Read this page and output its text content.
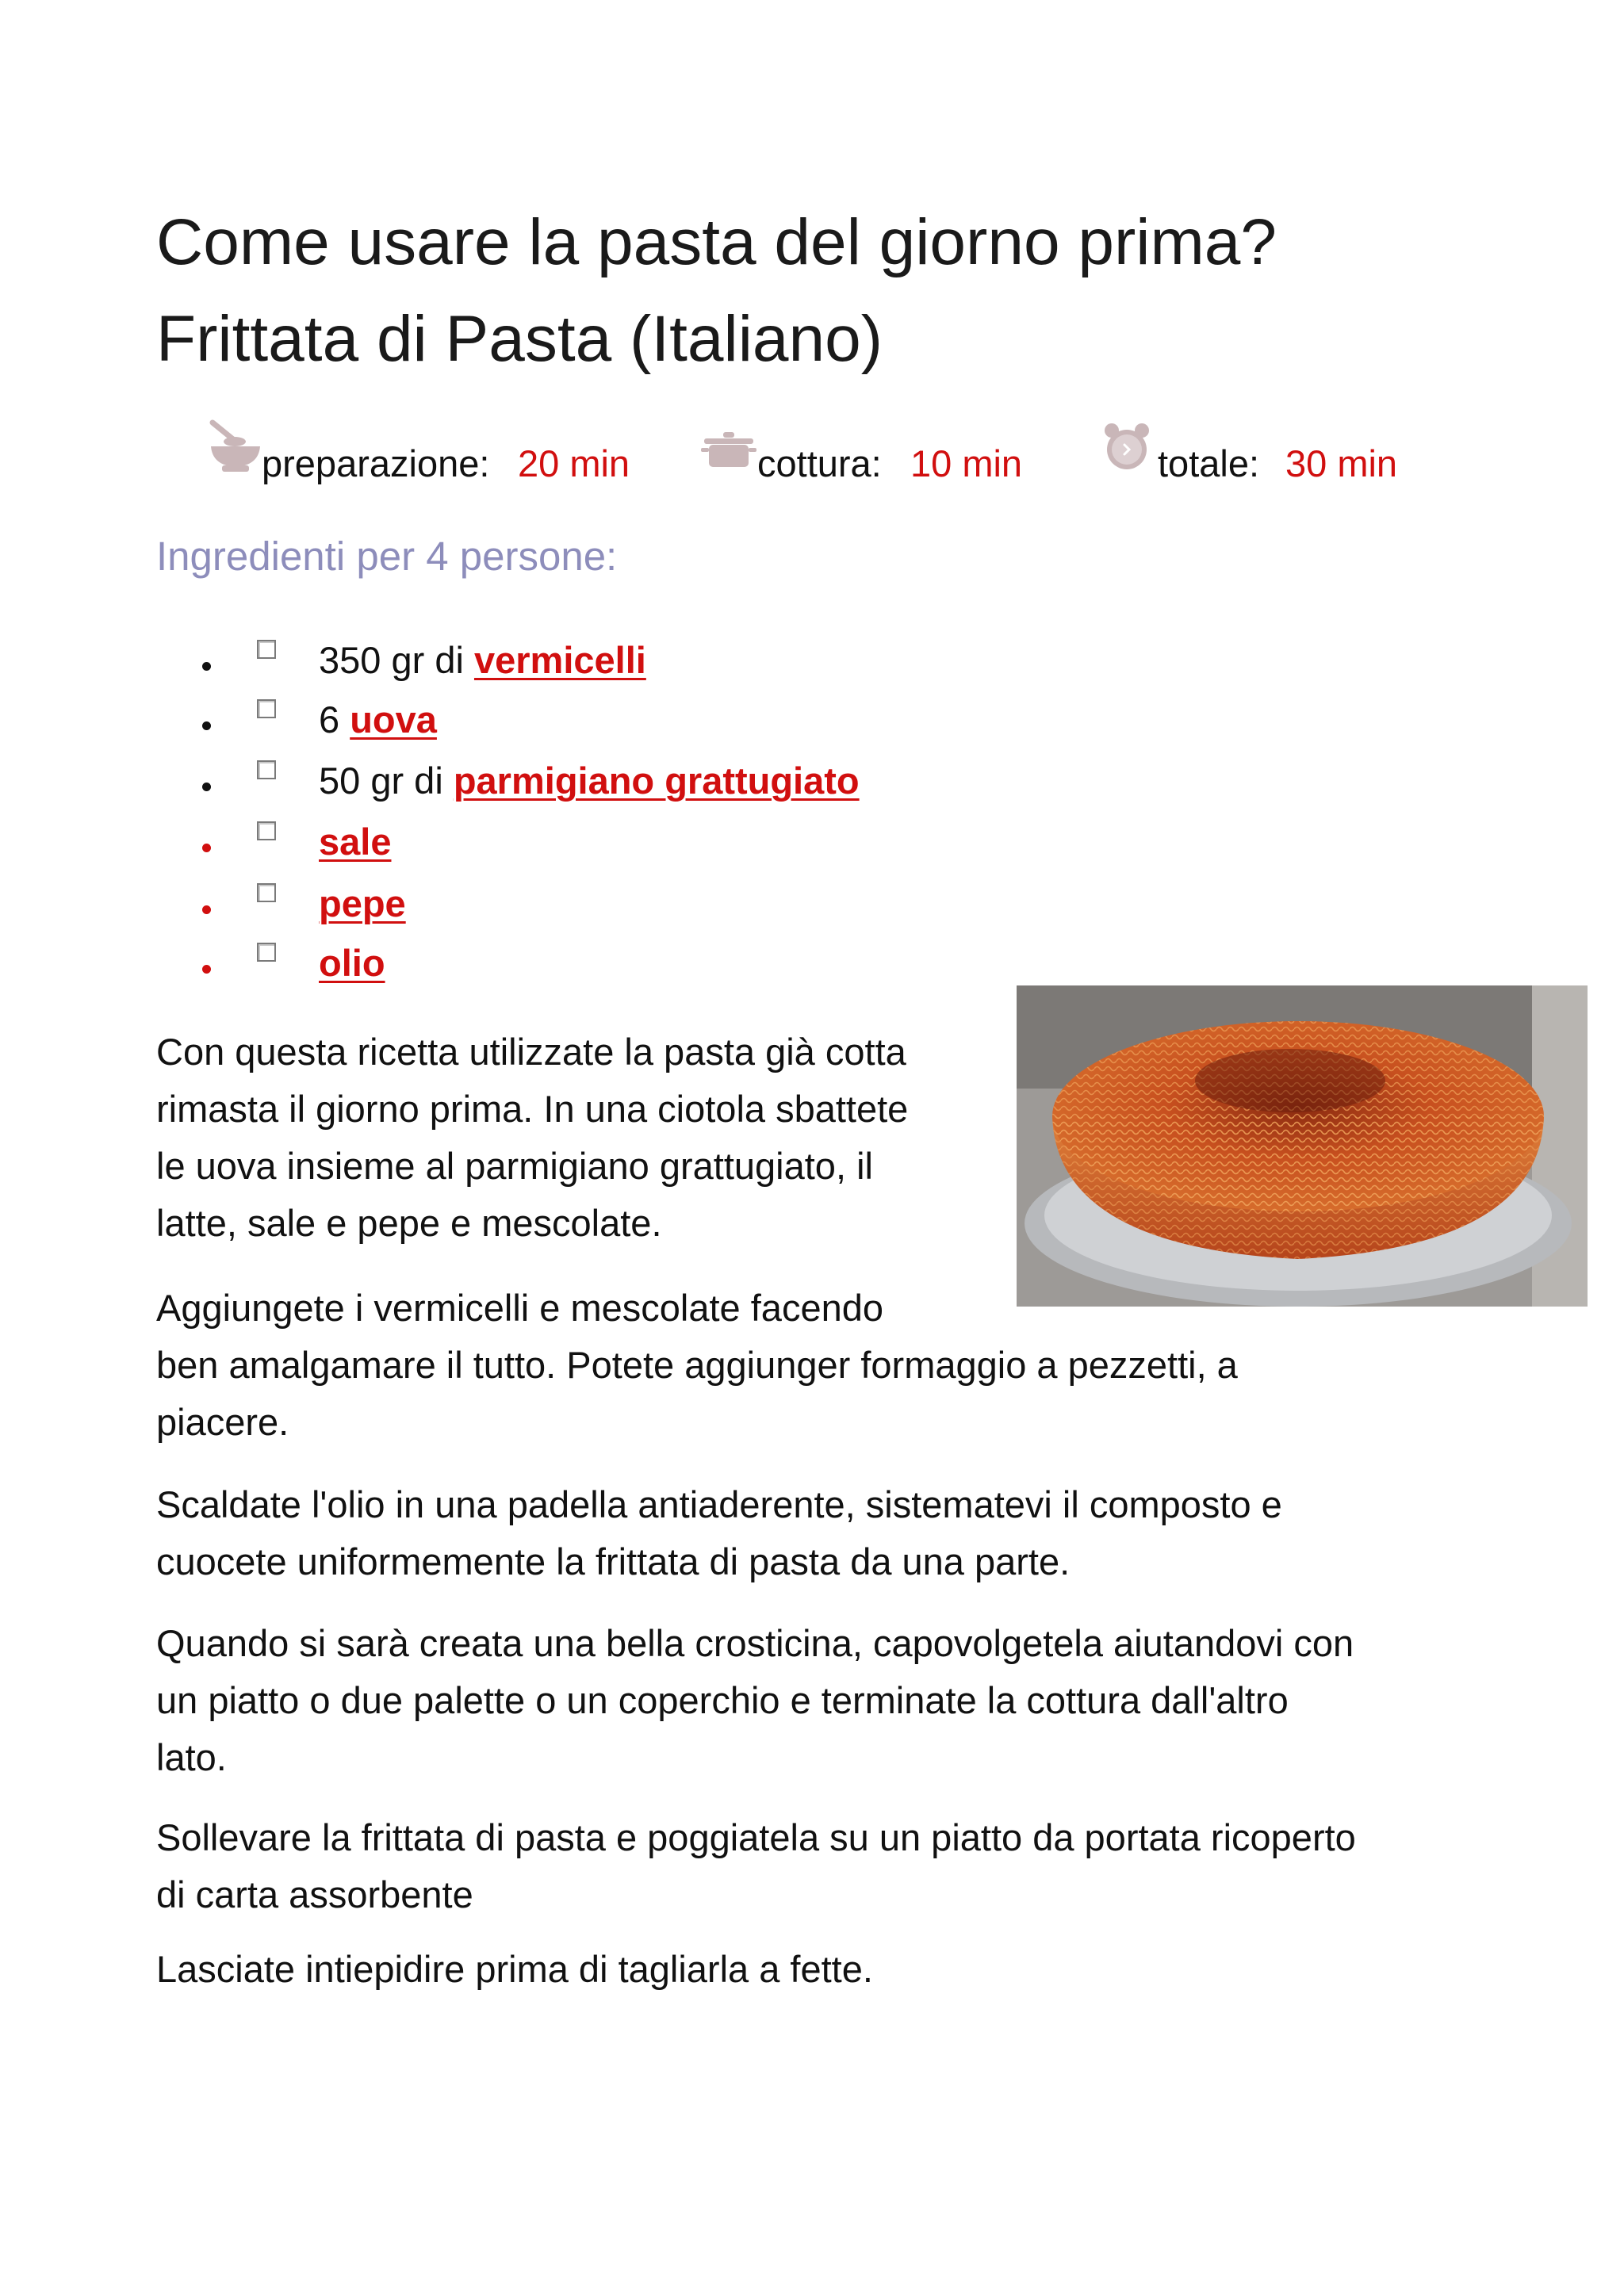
Come usare la pasta del giorno prima?
Frittata di Pasta (Italiano)
preparazione: 20 min	cottura: 10 min	totale: 30 min
Ingredienti per 4 persone:
350 gr di vermicelli
6 uova
50 gr di parmigiano grattugiato
sale
pepe
olio

Con questa ricetta utilizzate la pasta già cotta
rimasta il giorno prima. In una ciotola sbattete
le uova insieme al parmigiano grattugiato, il
latte, sale e pepe e mescolate.

Aggiungete i vermicelli e mescolate facendo
ben amalgamare il tutto. Potete aggiunger formaggio a pezzetti, a
piacere.

Scaldate l'olio in una padella antiaderente, sistematevi il composto e
cuocete uniformemente la frittata di pasta da una parte.

Quando si sarà creata una bella crosticina, capovolgetela aiutandovi con
un piatto o due palette o un coperchio e terminate la cottura dall'altro
lato.

Sollevare la frittata di pasta e poggiatela su un piatto da portata ricoperto
di carta assorbente

Lasciate intiepidire prima di tagliarla a fette.
